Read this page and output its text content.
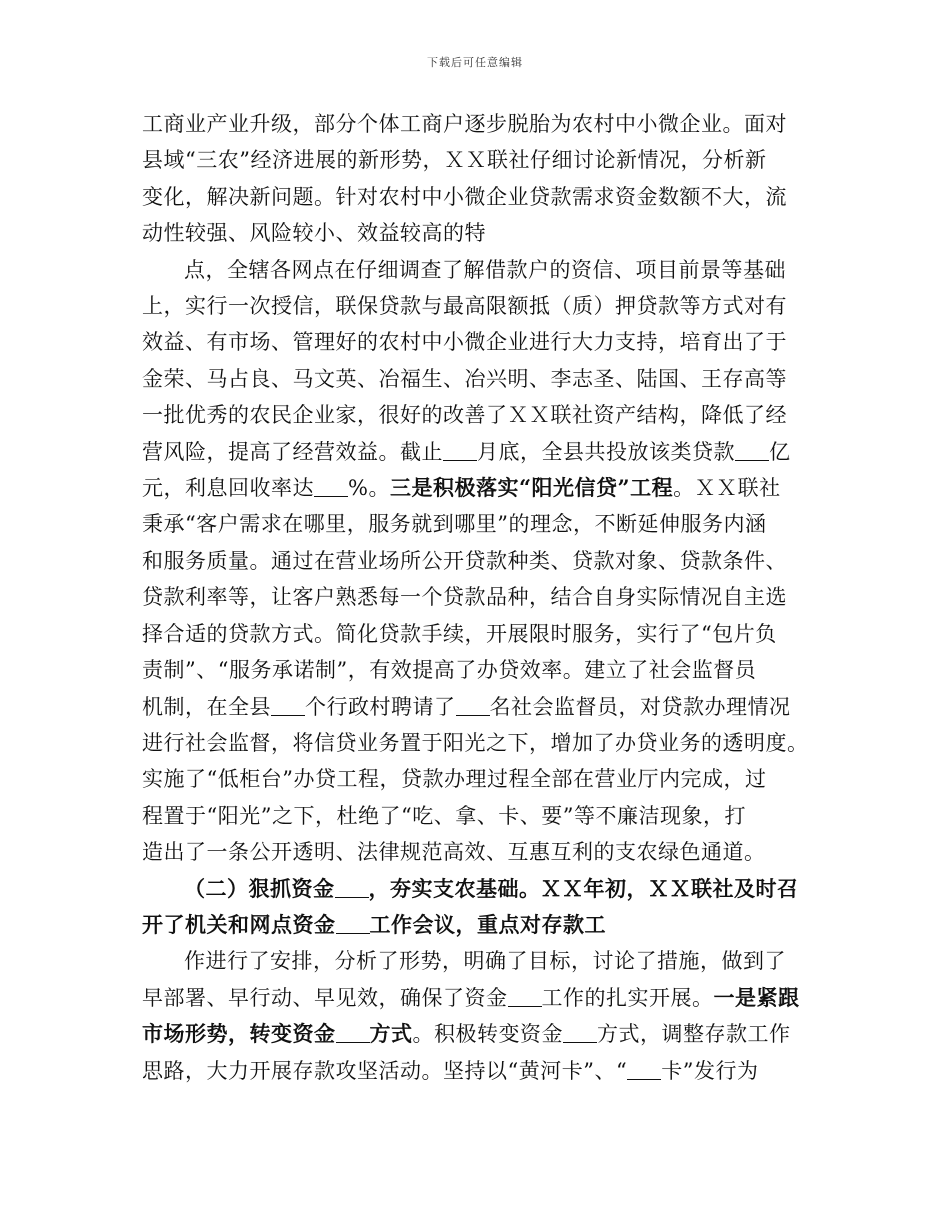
下载后可任意编辑

工商业产业升级，部分个体工商户逐步脱胎为农村中小微企业。面对
县域“三农”经济进展的新形势，ＸＸ联社仔细讨论新情况，分析新
变化，解决新问题。针对农村中小微企业贷款需求资金数额不大，流
动性较强、风险较小、效益较高的特

点，全辖各网点在仔细调查了解借款户的资信、项目前景等基础
上，实行一次授信，联保贷款与最高限额抵（质）押贷款等方式对有
效益、有市场、管理好的农村中小微企业进行大力支持，培育出了于
金荣、马占良、马文英、冶福生、冶兴明、李志圣、陆国、王存高等
一批优秀的农民企业家，很好的改善了ＸＸ联社资产结构，降低了经
营风险，提高了经营效益。截止 月底，全县共投放该类贷款 亿
元，利息回收率达 %。三是积极落实“阳光信贷”工程。ＸＸ联社
秉承“客户需求在哪里，服务就到哪里”的理念，不断延伸服务内涵
和服务质量。通过在营业场所公开贷款种类、贷款对象、贷款条件、
贷款利率等，让客户熟悉每一个贷款品种，结合自身实际情况自主选
择合适的贷款方式。简化贷款手续，开展限时服务，实行了“包片负
责制”、“服务承诺制”，有效提高了办贷效率。建立了社会监督员
机制，在全县 个行政村聘请了 名社会监督员，对贷款办理情况
进行社会监督，将信贷业务置于阳光之下，增加了办贷业务的透明度。
实施了“低柜台”办贷工程，贷款办理过程全部在营业厅内完成，过
程置于“阳光”之下，杜绝了“吃、拿、卡、要”等不廉洁现象，打
造出了一条公开透明、法律规范高效、互惠互利的支农绿色通道。

（二）狠抓资金 ，夯实支农基础。ＸＸ年初，ＸＸ联社及时召
开了机关和网点资金 工作会议，重点对存款工

作进行了安排，分析了形势，明确了目标，讨论了措施，做到了
早部署、早行动、早见效，确保了资金 工作的扎实开展。一是紧跟
市场形势，转变资金 方式。积极转变资金 方式，调整存款工作
思路，大力开展存款攻坚活动。坚持以“黄河卡”、“ 卡”发行为
